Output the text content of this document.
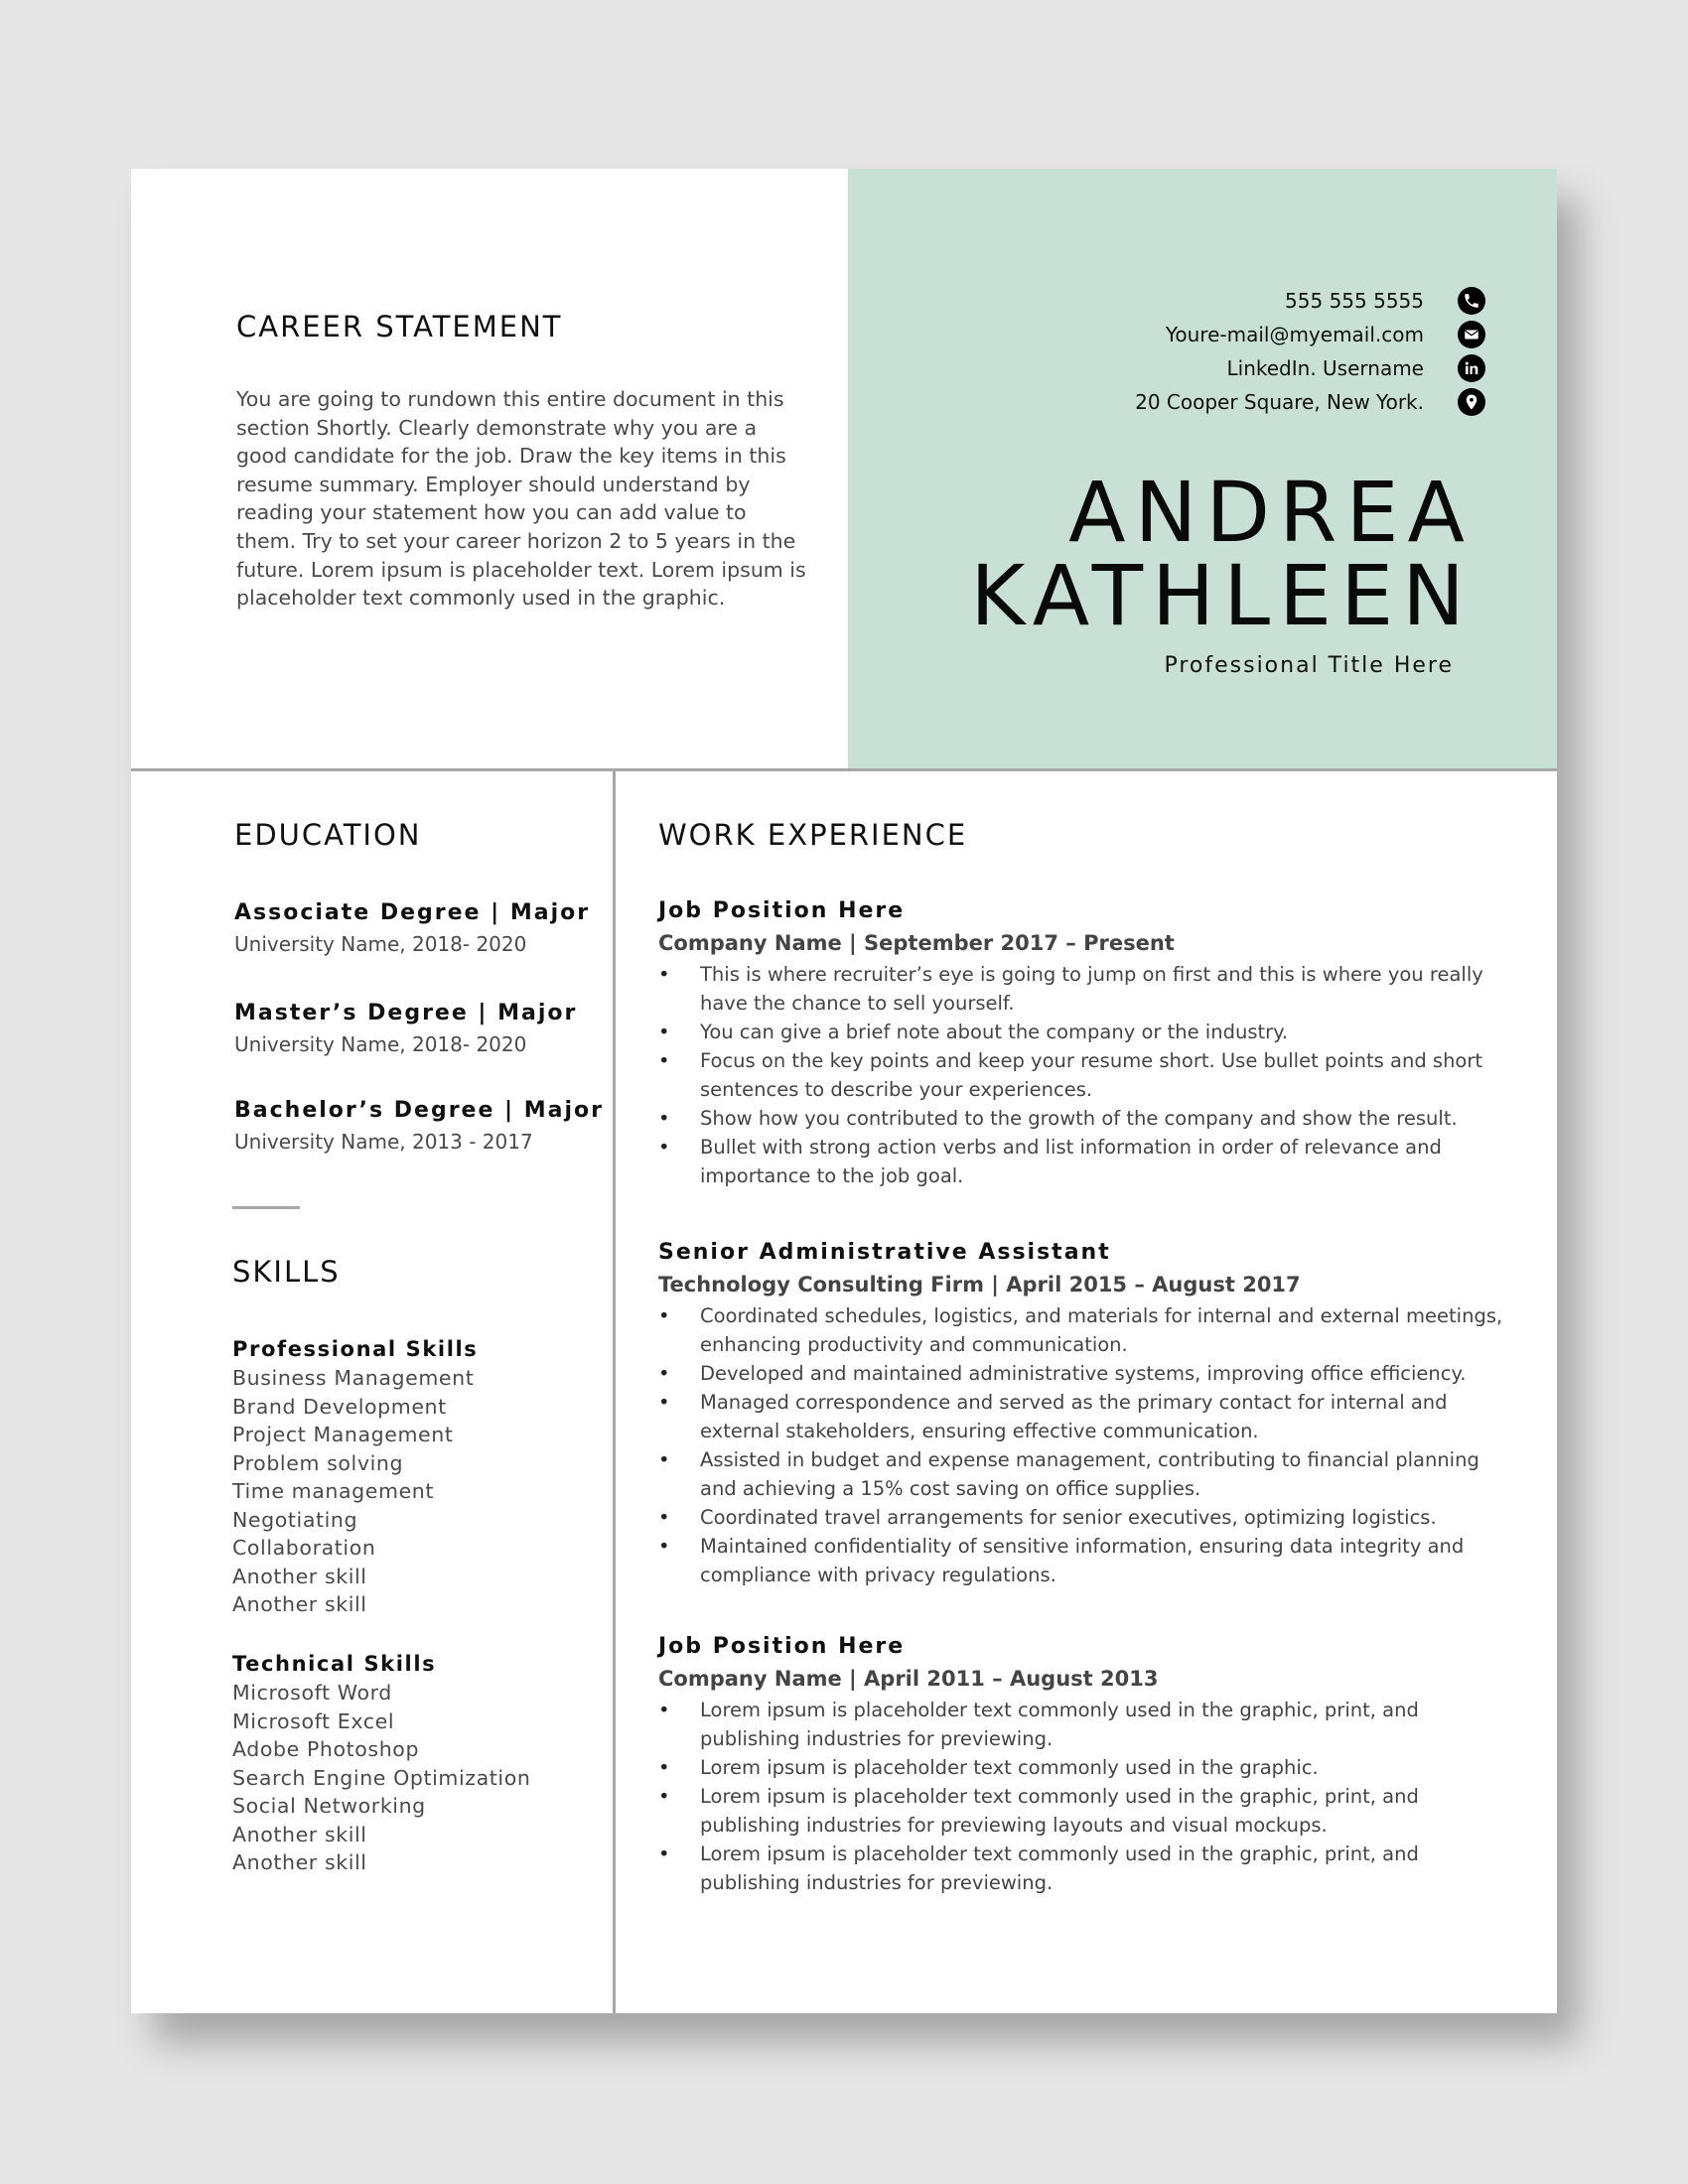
CAREER STATEMENT

You are going to rundown this entire document in this section Shortly. Clearly demonstrate why you are a good candidate for the job. Draw the key items in this resume summary. Employer should understand by reading your statement how you can add value to them. Try to set your career horizon 2 to 5 years in the future. Lorem ipsum is placeholder text. Lorem ipsum is placeholder text commonly used in the graphic.

555 555 5555
Youre-mail@myemail.com
LinkedIn. Username
20 Cooper Square, New York.
ANDREA
KATHLEEN
Professional Title Here
EDUCATION
Associate Degree | Major
University Name, 2018- 2020
Master’s Degree | Major
University Name, 2018- 2020
Bachelor’s Degree | Major
University Name, 2013 - 2017
SKILLS
Professional Skills
Business Management
Brand Development
Project Management
Problem solving
Time management
Negotiating
Collaboration
Another skill
Another skill
Technical Skills
Microsoft Word
Microsoft Excel
Adobe Photoshop
Search Engine Optimization
Social Networking
Another skill
Another skill
WORK EXPERIENCE
Job Position Here
Company Name | September 2017 – Present
• This is where recruiter’s eye is going to jump on first and this is where you really have the chance to sell yourself.
• You can give a brief note about the company or the industry.
• Focus on the key points and keep your resume short. Use bullet points and short sentences to describe your experiences.
• Show how you contributed to the growth of the company and show the result.
• Bullet with strong action verbs and list information in order of relevance and importance to the job goal.
Senior Administrative Assistant
Technology Consulting Firm | April 2015 – August 2017
• Coordinated schedules, logistics, and materials for internal and external meetings, enhancing productivity and communication.
• Developed and maintained administrative systems, improving office efficiency.
• Managed correspondence and served as the primary contact for internal and external stakeholders, ensuring effective communication.
• Assisted in budget and expense management, contributing to financial planning and achieving a 15% cost saving on office supplies.
• Coordinated travel arrangements for senior executives, optimizing logistics.
• Maintained confidentiality of sensitive information, ensuring data integrity and compliance with privacy regulations.
Job Position Here
Company Name | April 2011 – August 2013
• Lorem ipsum is placeholder text commonly used in the graphic, print, and publishing industries for previewing.
• Lorem ipsum is placeholder text commonly used in the graphic.
• Lorem ipsum is placeholder text commonly used in the graphic, print, and publishing industries for previewing layouts and visual mockups.
• Lorem ipsum is placeholder text commonly used in the graphic, print, and publishing industries for previewing.
